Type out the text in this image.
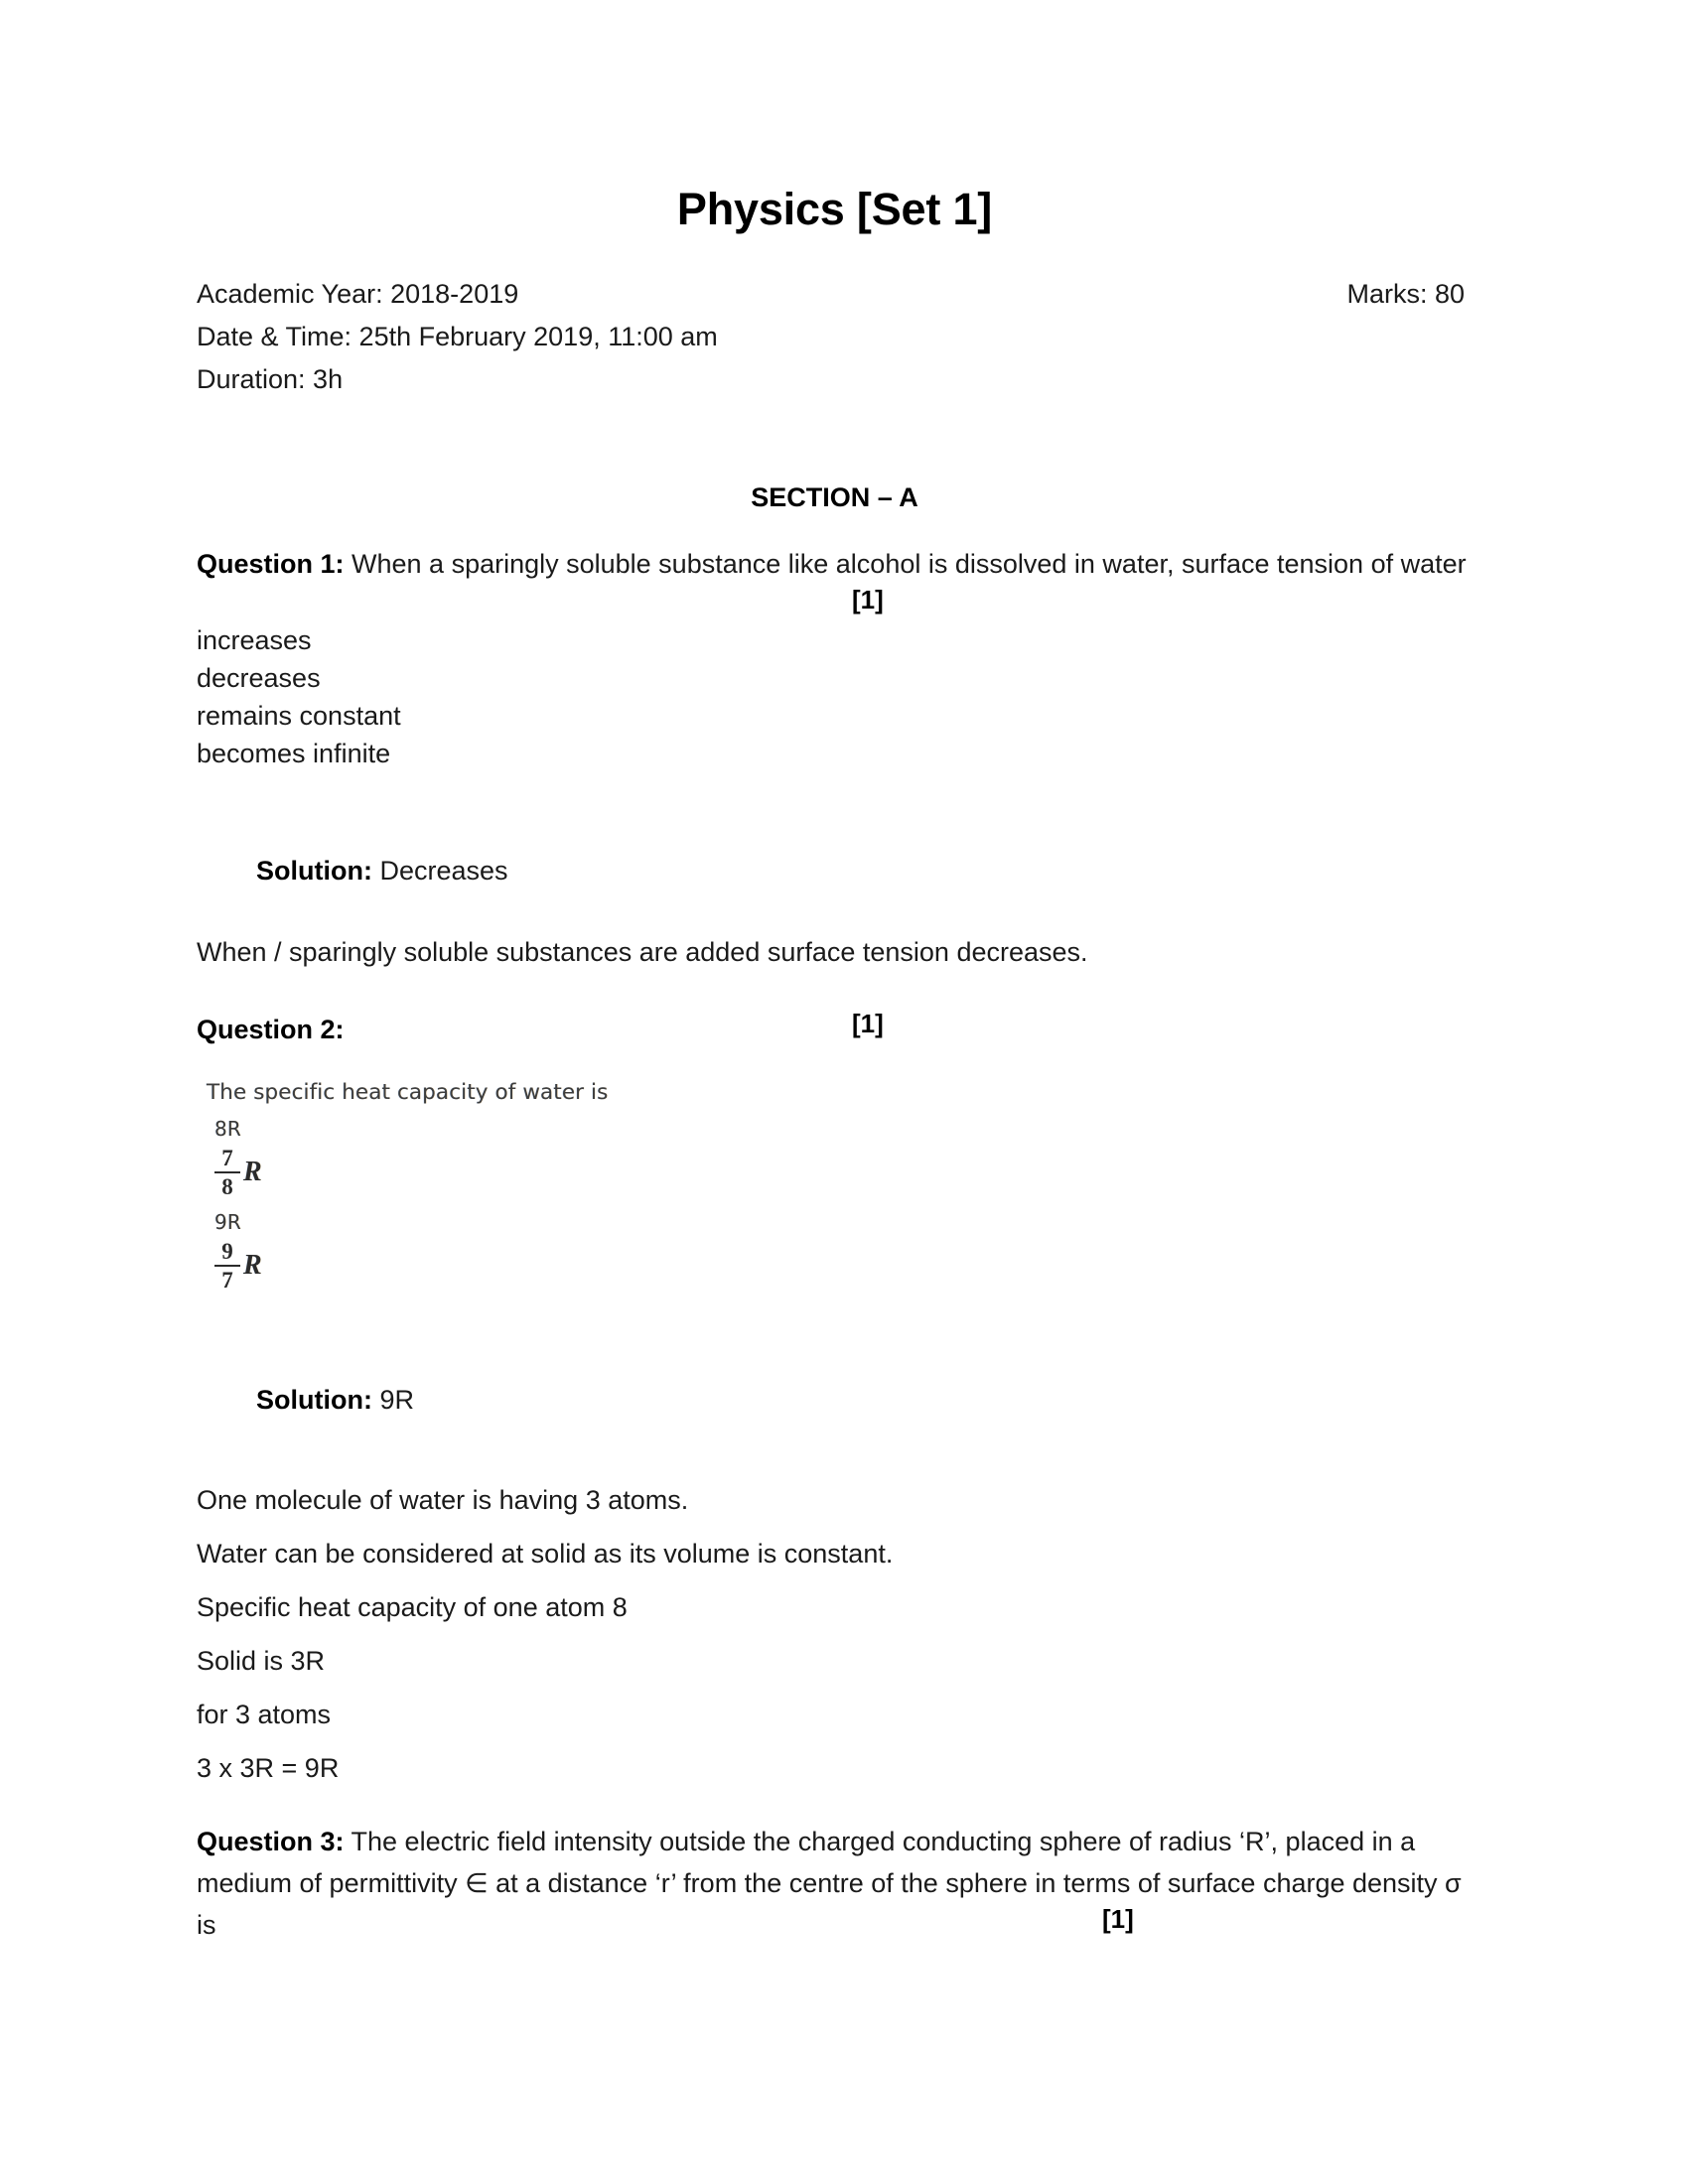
Physics [Set 1]
Marks: 80
Academic Year: 2018-2019
Date & Time: 25th February 2019, 11:00 am
Duration: 3h
SECTION – A
Question 1: When a sparingly soluble substance like alcohol is dissolved in water, surface tension of water
[1]
increases
decreases
remains constant
becomes infinite

Solution: Decreases

When / sparingly soluble substances are added surface tension decreases.
Question 2:	[1]
The specific heat capacity of water is
8R
$\frac{7}{8}$ R
9R
$\frac{9}{7}$ R

Solution: 9R

One molecule of water is having 3 atoms.
Water can be considered at solid as its volume is constant.
Specific heat capacity of one atom 8
Solid is 3R
for 3 atoms
3 x 3R = 9R
Question 3: The electric field intensity outside the charged conducting sphere of radius ‘R’, placed in a medium of permittivity ∈ at a distance ‘r’ from the centre of the sphere in terms of surface charge density σ is	[1]
